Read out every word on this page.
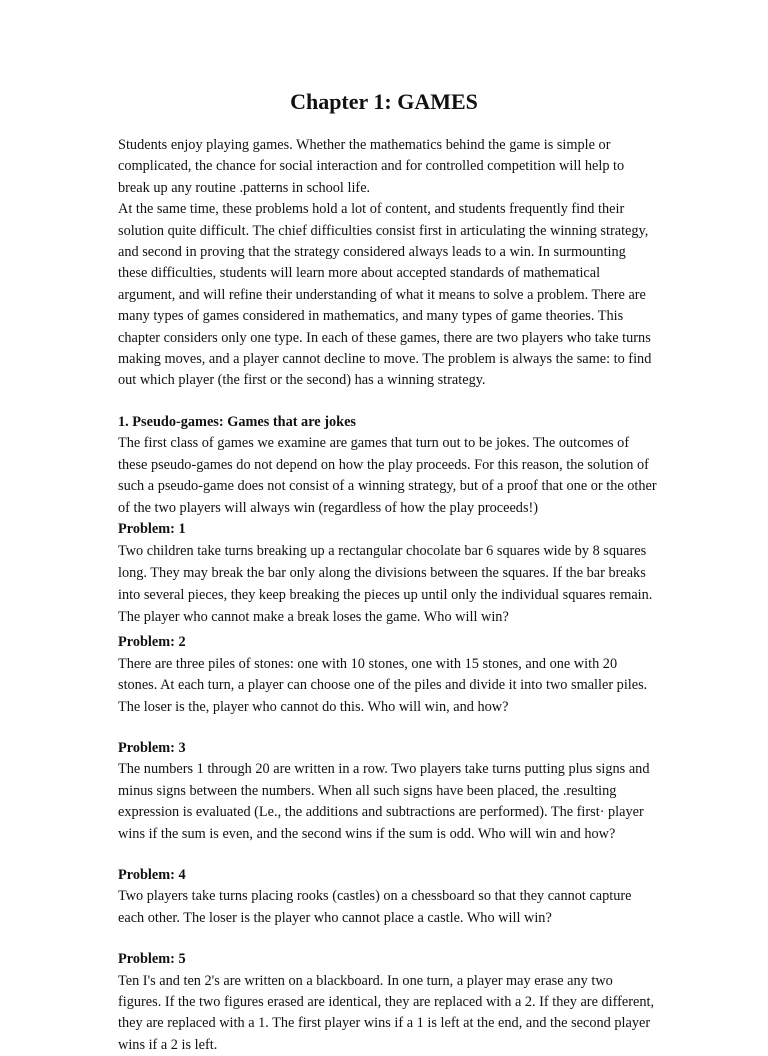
Chapter 1: GAMES

Students enjoy playing games. Whether the mathematics behind the game is simple or complicated, the chance for social interaction and for controlled competition will help to break up any routine .patterns in school life.

At the same time, these problems hold a lot of content, and students frequently find their solution quite difficult. The chief difficulties consist first in articulating the winning strategy, and second in proving that the strategy considered always leads to a win. In surmounting these difficulties, students will learn more about accepted standards of mathematical argument, and will refine their understanding of what it means to solve a problem. There are many types of games considered in mathematics, and many types of game theories. This chapter considers only one type. In each of these games, there are two players who take turns making moves, and a player cannot decline to move. The problem is always the same: to find out which player (the first or the second) has a winning strategy.

1. Pseudo-games: Games that are jokes

The first class of games we examine are games that turn out to be jokes. The outcomes of these pseudo-games do not depend on how the play proceeds. For this reason, the solution of such a pseudo-game does not consist of a winning strategy, but of a proof that one or the other of the two players will always win (regardless of how the play proceeds!)

Problem: 1

Two children take turns breaking up a rectangular chocolate bar 6 squares wide by 8 squares long. They may break the bar only along the divisions between the squares. If the bar breaks into several pieces, they keep breaking the pieces up until only the individual squares remain. The player who cannot make a break loses the game. Who will win?

Problem: 2

There are three piles of stones: one with 10 stones, one with 15 stones, and one with 20 stones. At each turn, a player can choose one of the piles and divide it into two smaller piles. The loser is the, player who cannot do this. Who will win, and how?

Problem: 3

The numbers 1 through 20 are written in a row. Two players take turns putting plus signs and minus signs between the numbers. When all such signs have been placed, the .resulting expression is evaluated (Le., the additions and subtractions are performed). The first· player wins if the sum is even, and the second wins if the sum is odd. Who will win and how?

Problem: 4

Two players take turns placing rooks (castles) on a chessboard so that they cannot capture each other. The loser is the player who cannot place a castle. Who will win?

Problem: 5

Ten I's and ten 2's are written on a blackboard. In one turn, a player may erase any two figures. If the two figures erased are identical, they are replaced with a 2. If they are different, they are replaced with a 1. The first player wins if a 1 is left at the end, and the second player wins if a 2 is left.
